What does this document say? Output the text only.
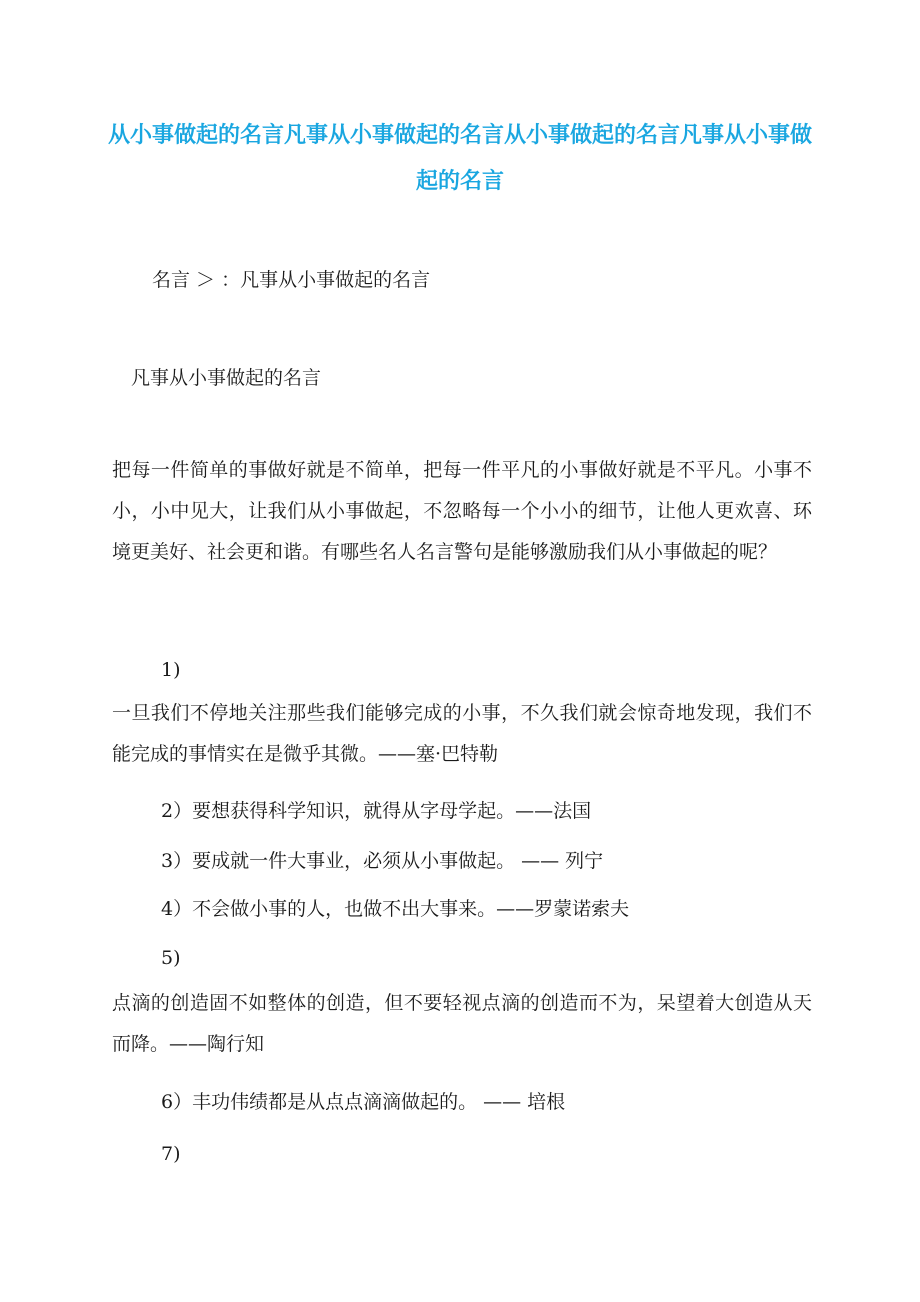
从小事做起的名言凡事从小事做起的名言从小事做起的名言凡事从小事做起的名言

名言 ＞ ：凡事从小事做起的名言

凡事从小事做起的名言

把每一件简单的事做好就是不简单，把每一件平凡的小事做好就是不平凡。小事不小，小中见大，让我们从小事做起，不忽略每一个小小的细节，让他人更欢喜、环境更美好、社会更和谐。有哪些名人名言警句是能够激励我们从小事做起的呢？

1)

一旦我们不停地关注那些我们能够完成的小事，不久我们就会惊奇地发现，我们不能完成的事情实在是微乎其微。——塞·巴特勒

2）要想获得科学知识，就得从字母学起。——法国

3）要成就一件大事业，必须从小事做起。 —— 列宁

4）不会做小事的人，也做不出大事来。——罗蒙诺索夫

5)

点滴的创造固不如整体的创造，但不要轻视点滴的创造而不为，呆望着大创造从天而降。——陶行知

6）丰功伟绩都是从点点滴滴做起的。 —— 培根

7)
